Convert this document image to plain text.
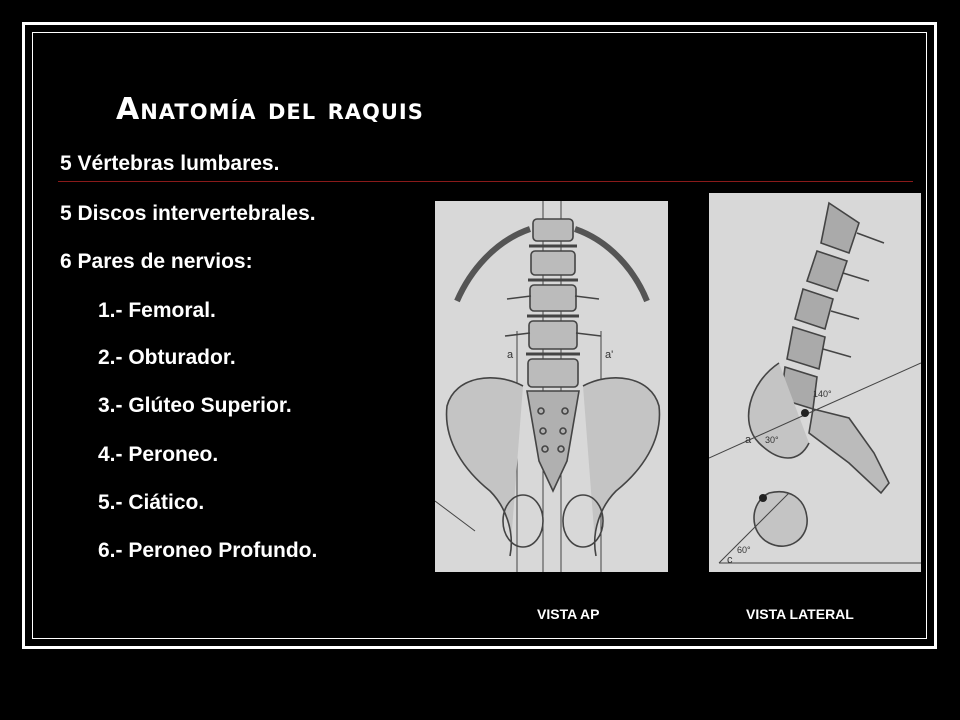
Anatomía del raquis
5 Vértebras lumbares.
5 Discos intervertebrales.
6 Pares de nervios:
1.- Femoral.
2.- Obturador.
3.- Glúteo Superior.
4.- Peroneo.
5.- Ciático.
6.- Peroneo Profundo.
a	a'
a
c
30°
60°
140°
VISTA AP	VISTA LATERAL
